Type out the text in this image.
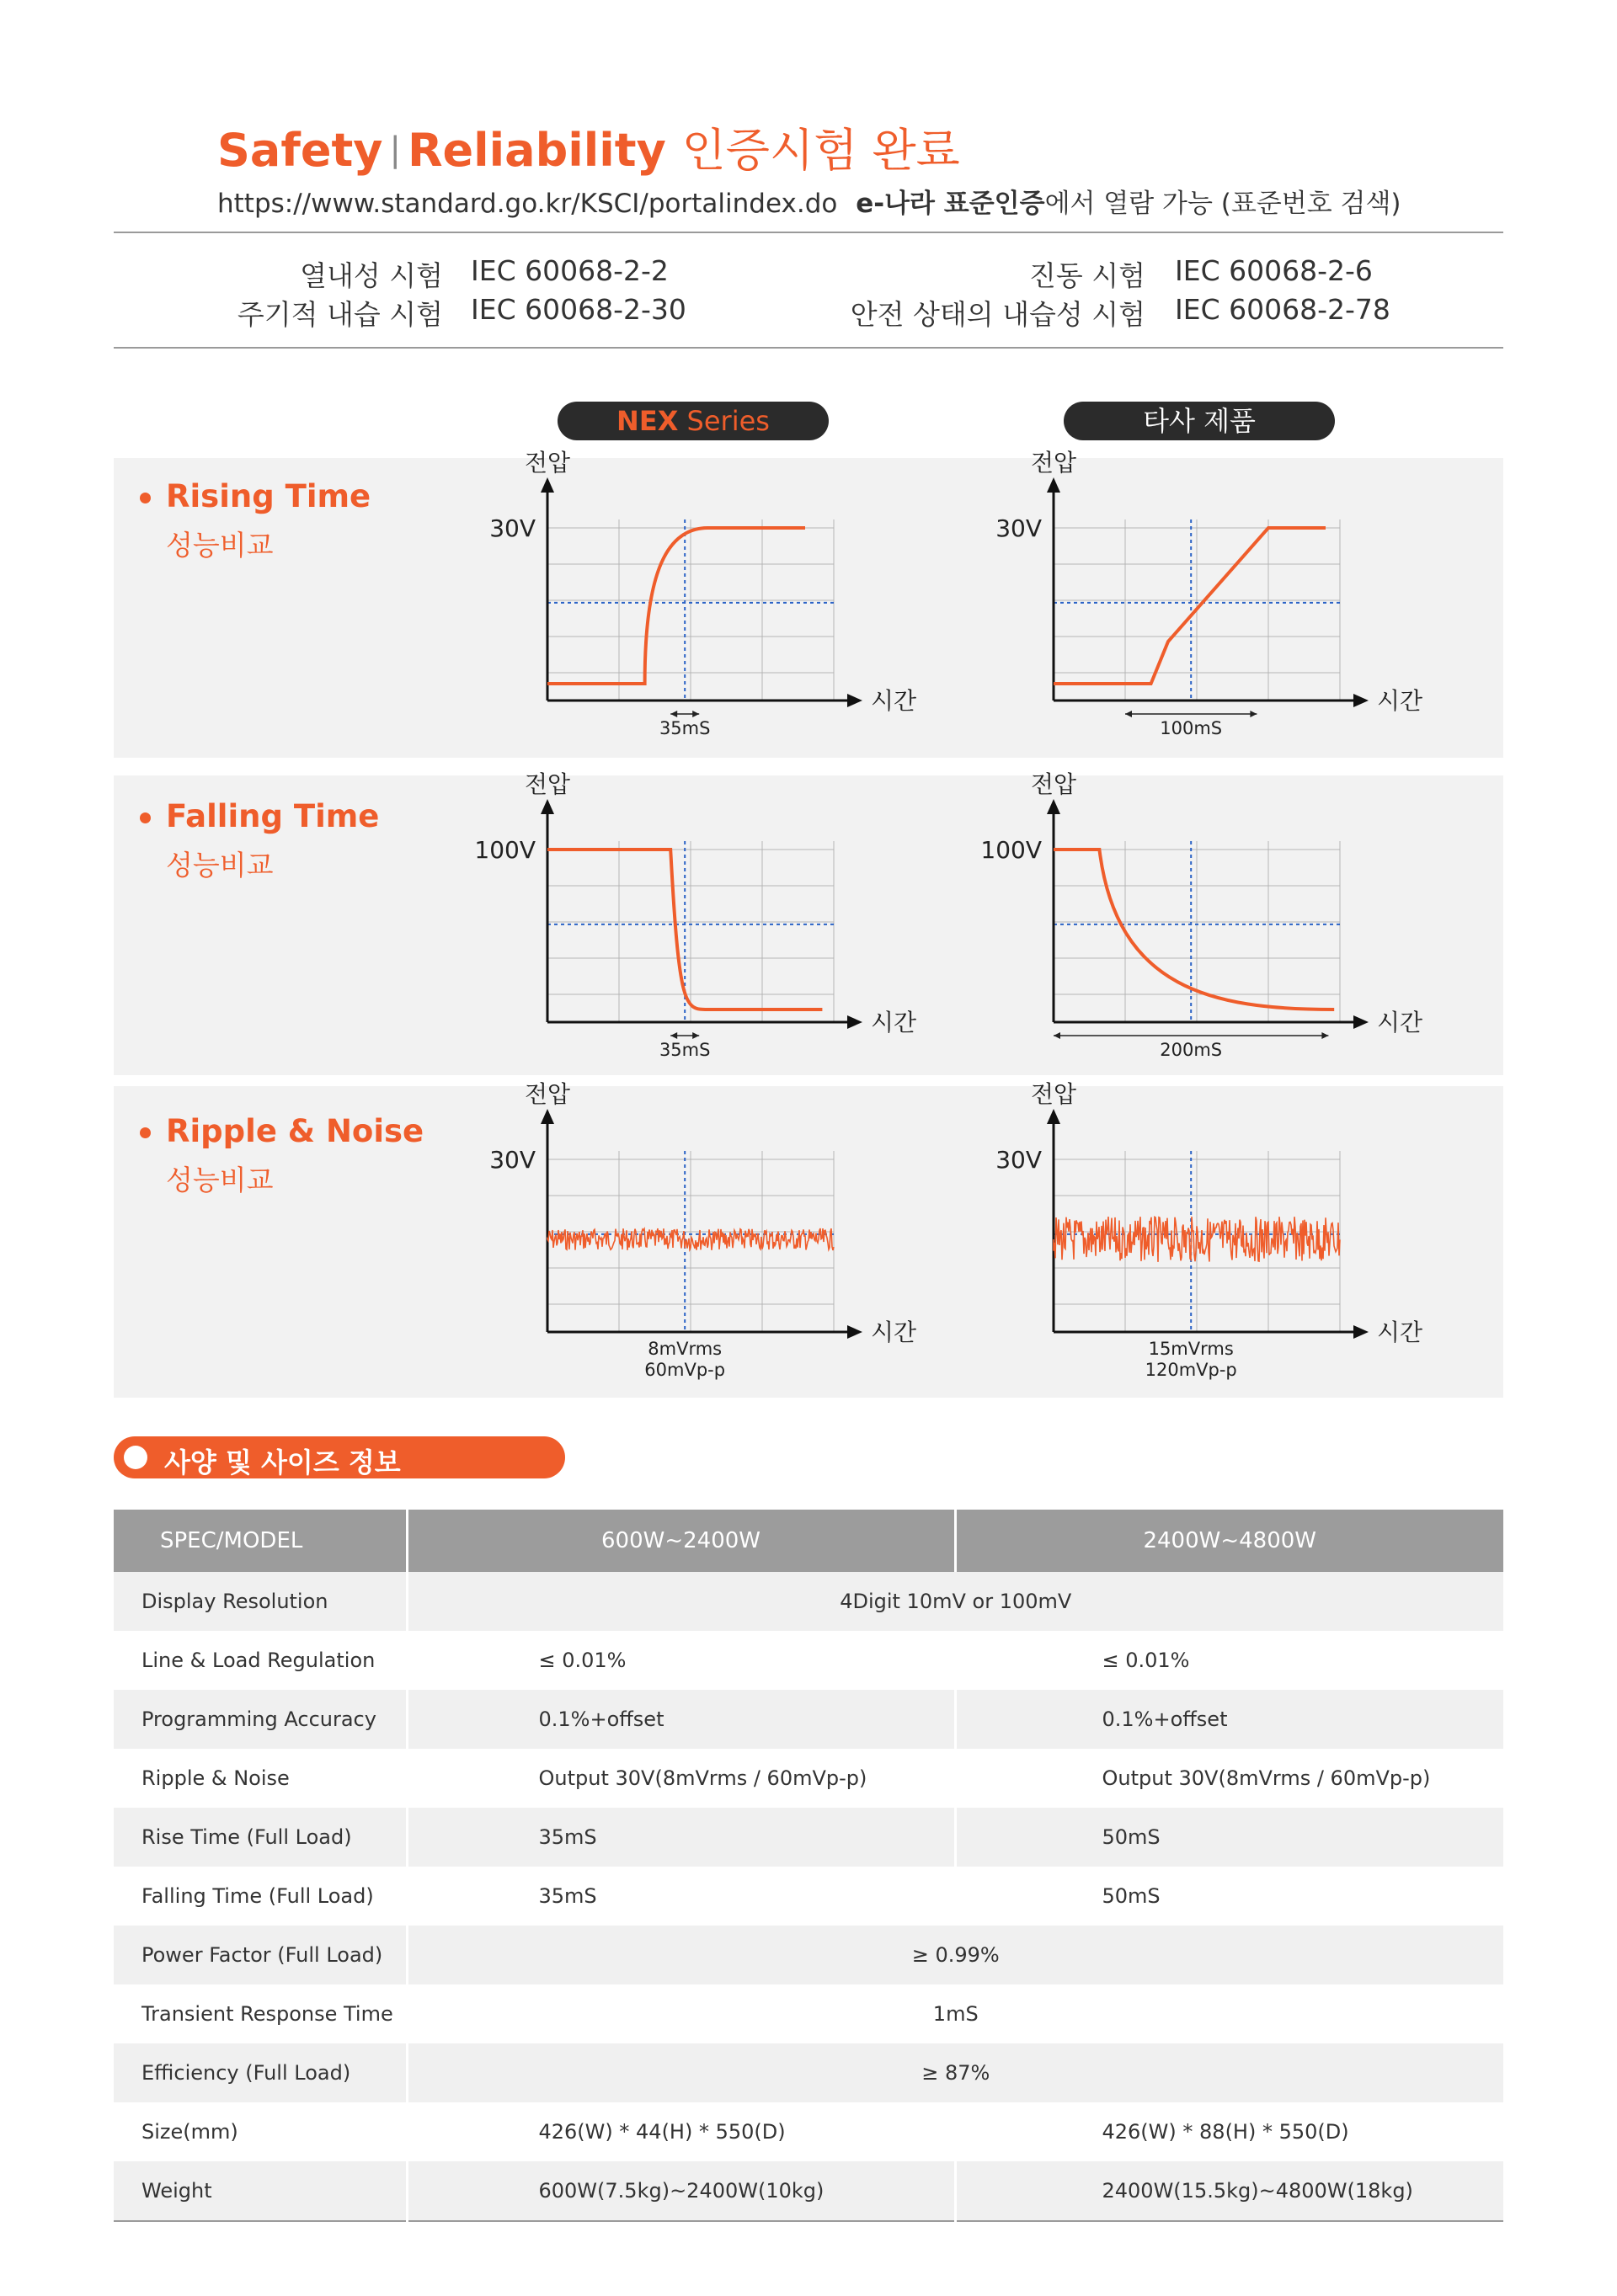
Safety | Reliability 인증시험 완료
https://www.standard.go.kr/KSCI/portalindex.do e-나라 표준인증에서 열람 가능 (표준번호 검색)
열내성 시험 IEC 60068-2-2
주기적 내습 시험 IEC 60068-2-30
진동 시험 IEC 60068-2-6
안전 상태의 내습성 시험 IEC 60068-2-78
NEX Series	타사 제품
Rising Time
성능비교
Falling Time
성능비교
Ripple & Noise
성능비교
전압
시간
30V
35mS
전압
시간
30V
100mS
전압
시간
100V
35mS
전압
시간
100V
200mS
전압
시간
30V
8mVrms
60mVp-p
전압
시간
30V
15mVrms
120mVp-p
사양 및 사이즈 정보
SPEC/MODEL	600W~2400W	2400W~4800W
Display Resolution	4Digit 10mV or 100mV	
Line & Load Regulation	≤ 0.01%	≤ 0.01%
Programming Accuracy	0.1%+offset	0.1%+offset
Ripple & Noise	Output 30V(8mVrms / 60mVp-p)	Output 30V(8mVrms / 60mVp-p)
Rise Time (Full Load)	35mS	50mS
Falling Time (Full Load)	35mS	50mS
Power Factor (Full Load)	≥ 0.99%	
Transient Response Time	1mS	
Efficiency (Full Load)	≥ 87%	
Size(mm)	426(W) * 44(H) * 550(D)	426(W) * 88(H) * 550(D)
Weight	600W(7.5kg)~2400W(10kg)	2400W(15.5kg)~4800W(18kg)
